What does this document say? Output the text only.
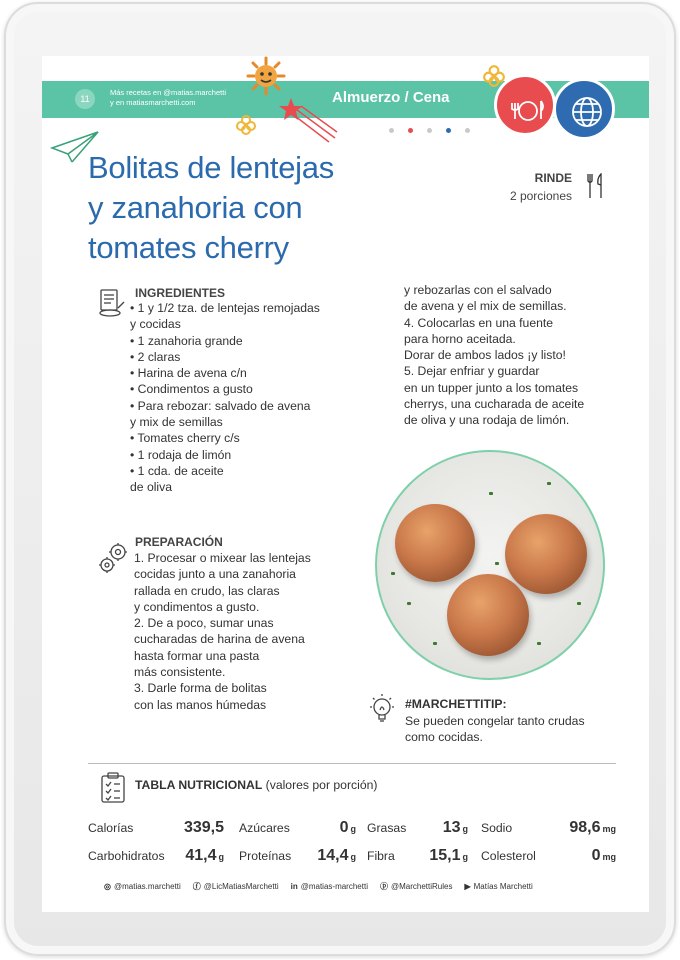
11
Más recetas en @matias.marchetti
y en matiasmarchetti.com	Almuerzo / Cena
Bolitas de lentejas
y zanahoria con
tomates cherry
RINDE
2 porciones
INGREDIENTES
• 1 y 1/2 tza. de lentejas remojadas
y cocidas
• 1 zanahoria grande
• 2 claras
• Harina de avena c/n
• Condimentos a gusto
• Para rebozar: salvado de avena
y mix de semillas
• Tomates cherry c/s
• 1 rodaja de limón
• 1 cda. de aceite
de oliva
PREPARACIÓN
1. Procesar o mixear las lentejas
cocidas junto a una zanahoria
rallada en crudo, las claras
y condimentos a gusto.
2. De a poco, sumar unas
cucharadas de harina de avena
hasta formar una pasta
más consistente.
3. Darle forma de bolitas
con las manos húmedas
y rebozarlas con el salvado
de avena y el mix de semillas.
4. Colocarlas en una fuente
para horno aceitada.
Dorar de ambos lados ¡y listo!
5. Dejar enfriar y guardar
en un tupper junto a los tomates
cherrys, una cucharada de aceite
de oliva y una rodaja de limón.
#MARCHETTITIP:
Se pueden congelar tanto crudas
como cocidas.
TABLA NUTRICIONAL (valores por porción)
Calorías	339,5 Azúcares	0 g Grasas	13 g Sodio	98,6 mg
Carbohidratos	41,4 g Proteínas	14,4 g Fibra	15,1 g Colesterol	0 mg
◎ @matias.marchetti ⓕ @LicMatiasMarchetti in @matias-marchetti ⓟ @MarchettiRules ▶ Matías Marchetti
